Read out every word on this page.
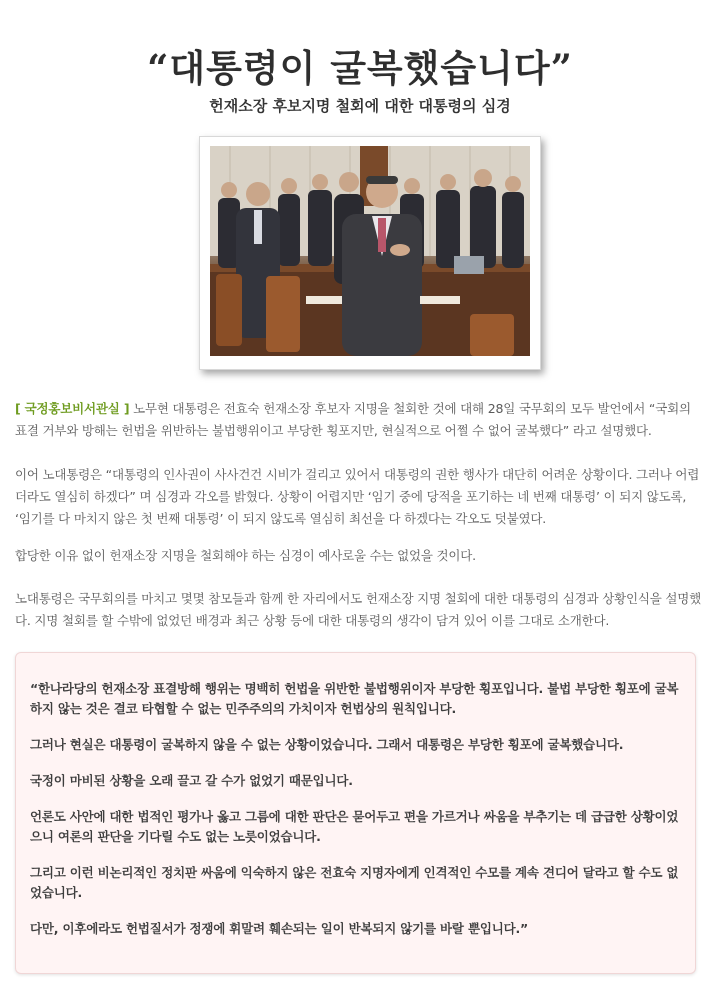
“대통령이 굴복했습니다”
헌재소장 후보지명 철회에 대한 대통령의 심경

[ 국정홍보비서관실 ] 노무현 대통령은 전효숙 헌재소장 후보자 지명을 철회한 것에 대해 28일 국무회의 모두 발언에서 “국회의 표결 거부와 방해는 헌법을 위반하는 불법행위이고 부당한 횡포지만, 현실적으로 어쩔 수 없어 굴복했다” 라고 설명했다.

이어 노대통령은 “대통령의 인사권이 사사건건 시비가 걸리고 있어서 대통령의 권한 행사가 대단히 어려운 상황이다. 그러나 어렵더라도 열심히 하겠다” 며 심경과 각오를 밝혔다. 상황이 어렵지만 ‘임기 중에 당적을 포기하는 네 번째 대통령’ 이 되지 않도록, ‘임기를 다 마치지 않은 첫 번째 대통령’ 이 되지 않도록 열심히 최선을 다 하겠다는 각오도 덧붙였다.

합당한 이유 없이 헌재소장 지명을 철회해야 하는 심경이 예사로울 수는 없었을 것이다.

노대통령은 국무회의를 마치고 몇몇 참모들과 함께 한 자리에서도 헌재소장 지명 철회에 대한 대통령의 심경과 상황인식을 설명했다. 지명 철회를 할 수밖에 없었던 배경과 최근 상황 등에 대한 대통령의 생각이 담겨 있어 이를 그대로 소개한다.

“한나라당의 헌재소장 표결방해 행위는 명백히 헌법을 위반한 불법행위이자 부당한 횡포입니다. 불법 부당한 횡포에 굴복하지 않는 것은 결코 타협할 수 없는 민주주의의 가치이자 헌법상의 원칙입니다.

그러나 현실은 대통령이 굴복하지 않을 수 없는 상황이었습니다. 그래서 대통령은 부당한 횡포에 굴복했습니다.

국정이 마비된 상황을 오래 끌고 갈 수가 없었기 때문입니다.

언론도 사안에 대한 법적인 평가나 옳고 그름에 대한 판단은 묻어두고 편을 가르거나 싸움을 부추기는 데 급급한 상황이었으니 여론의 판단을 기다릴 수도 없는 노릇이었습니다.

그리고 이런 비논리적인 정치판 싸움에 익숙하지 않은 전효숙 지명자에게 인격적인 수모를 계속 견디어 달라고 할 수도 없었습니다.

다만, 이후에라도 헌법질서가 정쟁에 휘말려 훼손되는 일이 반복되지 않기를 바랄 뿐입니다.”
